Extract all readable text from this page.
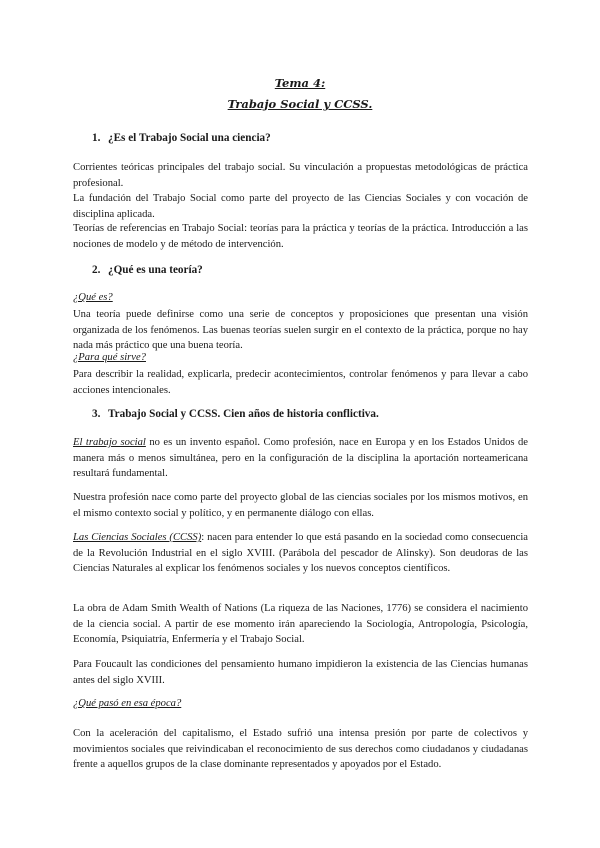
Tema 4:
Trabajo Social y CCSS.
1. ¿Es el Trabajo Social una ciencia?

Corrientes teóricas principales del trabajo social. Su vinculación a propuestas metodológicas de práctica profesional.

La fundación del Trabajo Social como parte del proyecto de las Ciencias Sociales y con vocación de disciplina aplicada.

Teorías de referencias en Trabajo Social: teorías para la práctica y teorías de la práctica. Introducción a las nociones de modelo y de método de intervención.

2. ¿Qué es una teoría?

¿Qué es?

Una teoría puede definirse como una serie de conceptos y proposiciones que presentan una visión organizada de los fenómenos. Las buenas teorías suelen surgir en el contexto de la práctica, porque no hay nada más práctico que una buena teoría.

¿Para qué sirve?

Para describir la realidad, explicarla, predecir acontecimientos, controlar fenómenos y para llevar a cabo acciones intencionales.

3. Trabajo Social y CCSS. Cien años de historia conflictiva.

El trabajo social no es un invento español. Como profesión, nace en Europa y en los Estados Unidos de manera más o menos simultánea, pero en la configuración de la disciplina la aportación norteamericana resultará fundamental.

Nuestra profesión nace como parte del proyecto global de las ciencias sociales por los mismos motivos, en el mismo contexto social y político, y en permanente diálogo con ellas.

Las Ciencias Sociales (CCSS): nacen para entender lo que está pasando en la sociedad como consecuencia de la Revolución Industrial en el siglo XVIII. (Parábola del pescador de Alinsky). Son deudoras de las Ciencias Naturales al explicar los fenómenos sociales y los nuevos conceptos científicos.

La obra de Adam Smith Wealth of Nations (La riqueza de las Naciones, 1776) se considera el nacimiento de la ciencia social. A partir de ese momento irán apareciendo la Sociología, Antropología, Psicología, Economía, Psiquiatría, Enfermería y el Trabajo Social.

Para Foucault las condiciones del pensamiento humano impidieron la existencia de las Ciencias humanas antes del siglo XVIII.

¿Qué pasó en esa época?

Con la aceleración del capitalismo, el Estado sufrió una intensa presión por parte de colectivos y movimientos sociales que reivindicaban el reconocimiento de sus derechos como ciudadanos y ciudadanas frente a aquellos grupos de la clase dominante representados y apoyados por el Estado.
